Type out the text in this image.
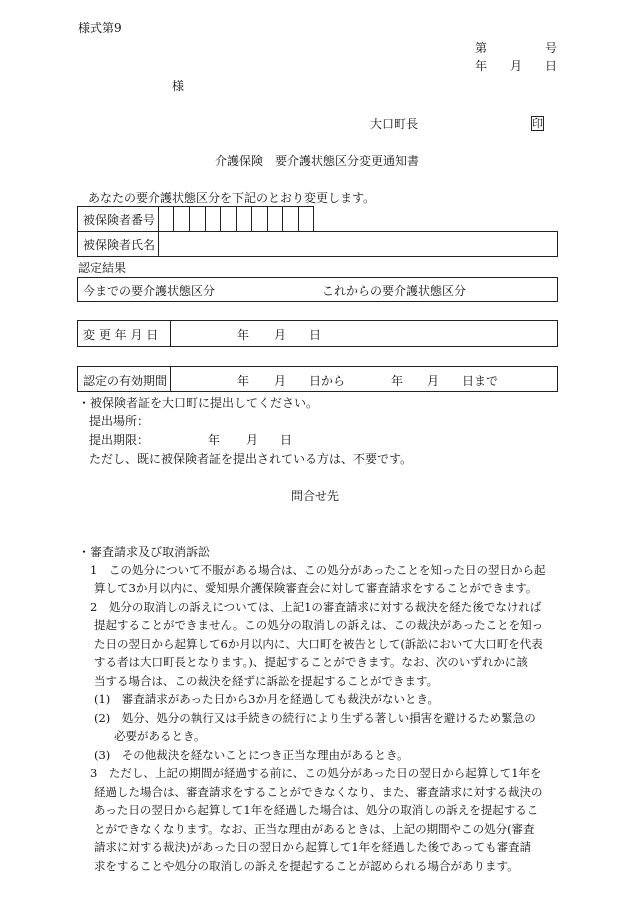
様式第9
第	号
年 月 日
様
大口町長	印
介護保険　要介護状態区分変更通知書
あなたの要介護状態区分を下記のとおり変更します。
被保険者番号
被保険者氏名
認定結果
今までの要介護状態区分	これからの要介護状態区分
変 更 年 月 日	年 月 日
認定の有効期間	年 月 日から	年 月 日まで
・被保険者証を大口町に提出してください。
提出場所：
提出期限：	年 月 日
ただし、既に被保険者証を提出されている方は、不要です。
問合せ先
・審査請求及び取消訴訟
1　この処分について不服がある場合は、この処分があったことを知った日の翌日から起
算して3か月以内に、愛知県介護保険審査会に対して審査請求をすることができます。
2　処分の取消しの訴えについては、上記1の審査請求に対する裁決を経た後でなければ
提起することができません。この処分の取消しの訴えは、この裁決があったことを知っ
た日の翌日から起算して6か月以内に、大口町を被告として(訴訟において大口町を代表
する者は大口町長となります。)、提起することができます。なお、次のいずれかに該
当する場合は、この裁決を経ずに訴訟を提起することができます。
(1)　審査請求があった日から3か月を経過しても裁決がないとき。
(2)　処分、処分の執行又は手続きの続行により生ずる著しい損害を避けるため緊急の
必要があるとき。
(3)　その他裁決を経ないことにつき正当な理由があるとき。
3　ただし、上記の期間が経過する前に、この処分があった日の翌日から起算して1年を
経過した場合は、審査請求をすることができなくなり、また、審査請求に対する裁決の
あった日の翌日から起算して1年を経過した場合は、処分の取消しの訴えを提起するこ
とができなくなります。なお、正当な理由があるときは、上記の期間やこの処分(審査
請求に対する裁決)があった日の翌日から起算して1年を経過した後であっても審査請
求をすることや処分の取消しの訴えを提起することが認められる場合があります。
